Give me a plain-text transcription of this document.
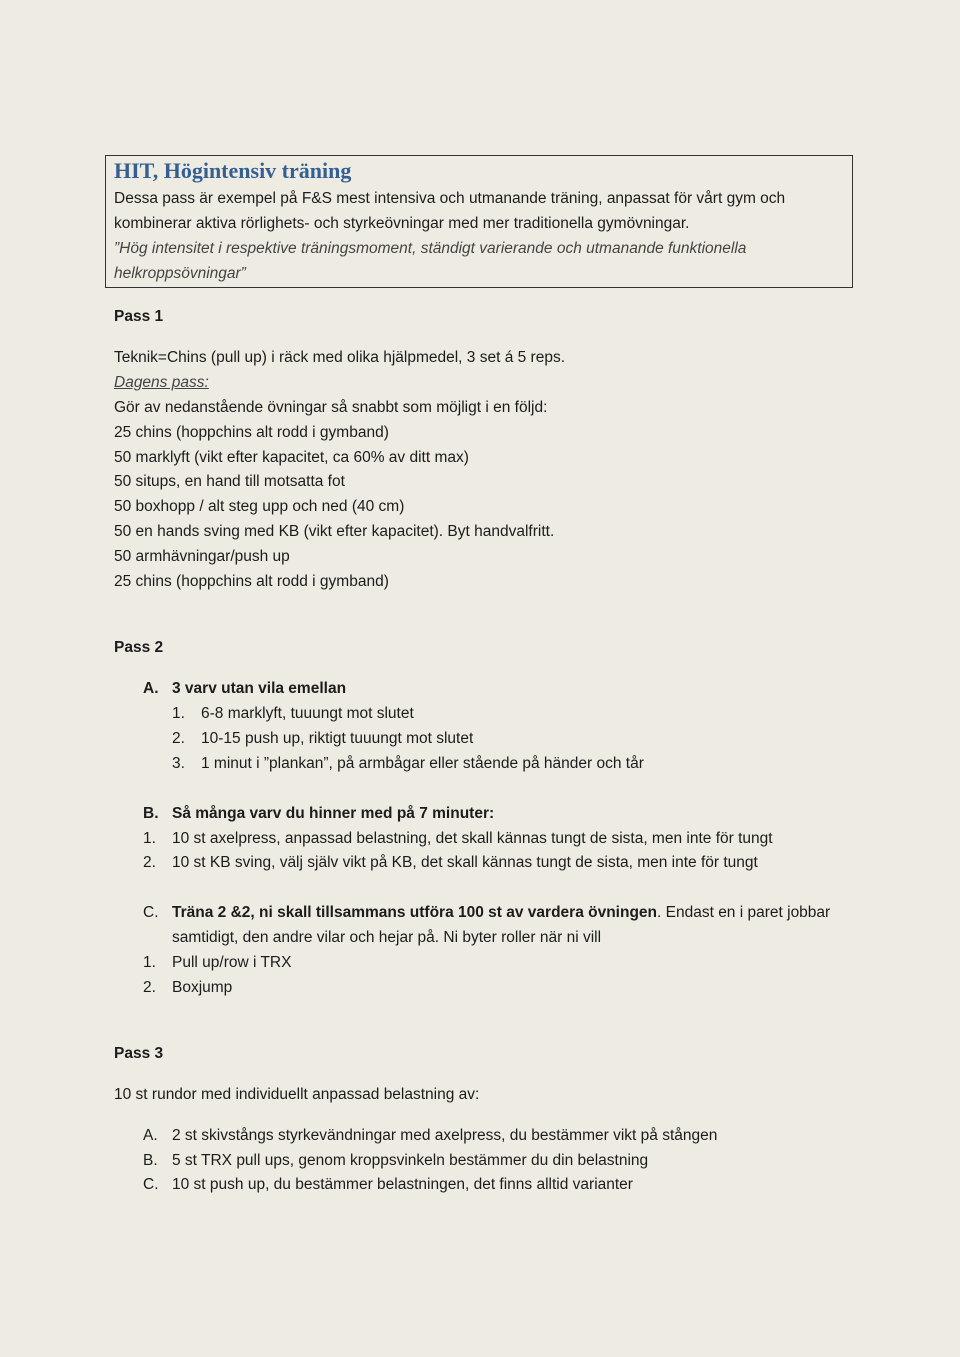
HIT, Högintensiv träning
Dessa pass är exempel på F&S mest intensiva och utmanande träning, anpassat för vårt gym och
kombinerar aktiva rörlighets- och styrkeövningar med mer traditionella gymövningar.
”Hög intensitet i respektive träningsmoment, ständigt varierande och utmanande funktionella
helkroppsövningar”
Pass 1
Teknik=Chins (pull up) i räck med olika hjälpmedel, 3 set á 5 reps.
Dagens pass:
Gör av nedanstående övningar så snabbt som möjligt i en följd:
25 chins (hoppchins alt rodd i gymband)
50 marklyft (vikt efter kapacitet, ca 60% av ditt max)
50 situps, en hand till motsatta fot
50 boxhopp / alt steg upp och ned (40 cm)
50 en hands sving med KB (vikt efter kapacitet). Byt handvalfritt.
50 armhävningar/push up
25 chins (hoppchins alt rodd i gymband)
Pass 2
A. 3 varv utan vila emellan
1. 6-8 marklyft, tuuungt mot slutet
2. 10-15 push up, riktigt tuuungt mot slutet
3. 1 minut i ”plankan”, på armbågar eller stående på händer och tår
B. Så många varv du hinner med på 7 minuter:
1. 10 st axelpress, anpassad belastning, det skall kännas tungt de sista, men inte för tungt
2. 10 st KB sving, välj själv vikt på KB, det skall kännas tungt de sista, men inte för tungt
C. Träna 2 &2, ni skall tillsammans utföra 100 st av vardera övningen. Endast en i paret jobbar
samtidigt, den andre vilar och hejar på. Ni byter roller när ni vill
1. Pull up/row i TRX
2. Boxjump
Pass 3
10 st rundor med individuellt anpassad belastning av:
A. 2 st skivstångs styrkevändningar med axelpress, du bestämmer vikt på stången
B. 5 st TRX pull ups, genom kroppsvinkeln bestämmer du din belastning
C. 10 st push up, du bestämmer belastningen, det finns alltid varianter
